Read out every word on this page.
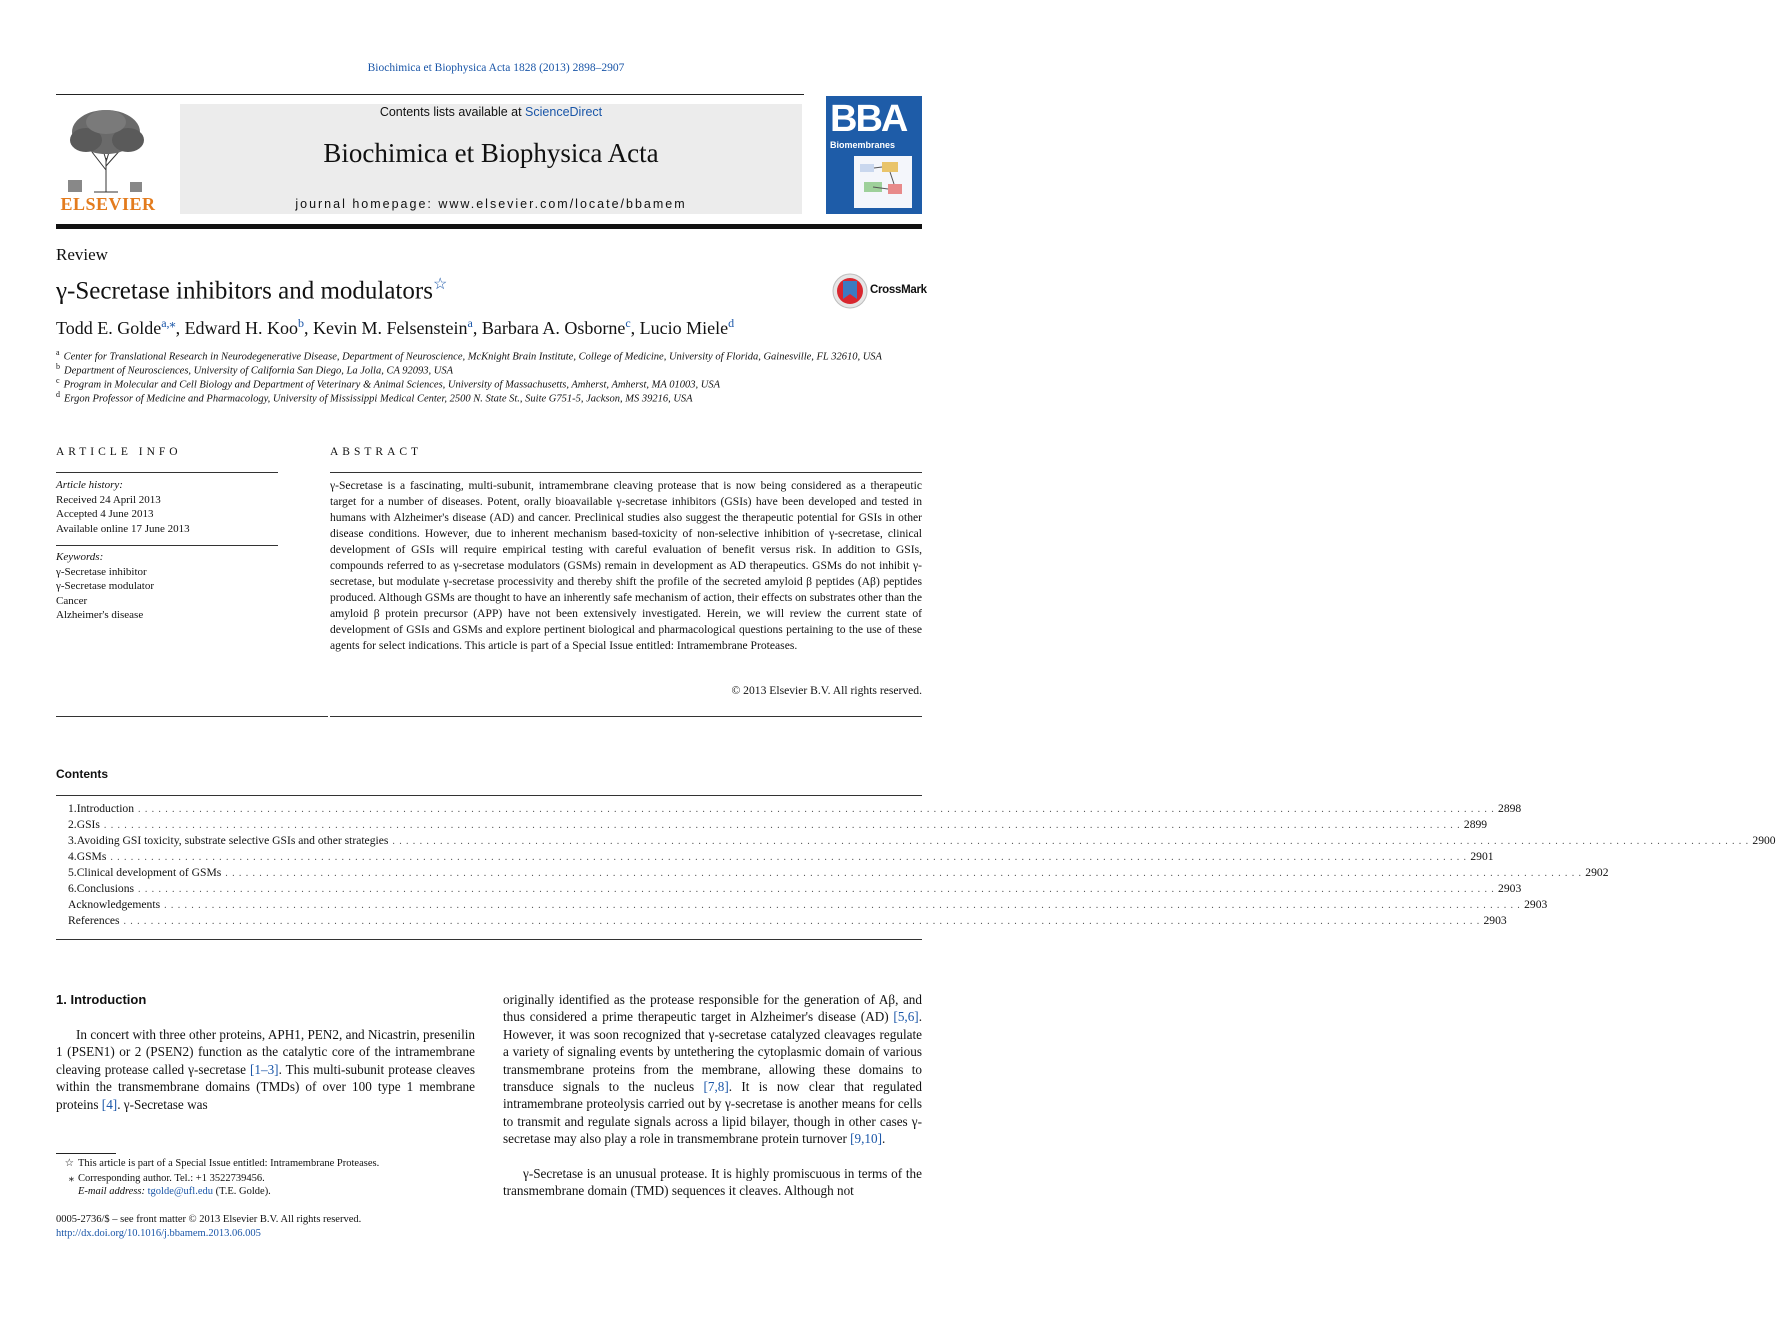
Biochimica et Biophysica Acta 1828 (2013) 2898–2907
ELSEVIER
Contents lists available at ScienceDirect
Biochimica et Biophysica Acta
journal homepage: www.elsevier.com/locate/bbamem
BBA
Biomembranes
Review
γ-Secretase inhibitors and modulators☆	CrossMark
Todd E. Golde$^{a,⁎}$, Edward H. Koo$^b$, Kevin M. Felsenstein$^a$, Barbara A. Osborne$^c$, Lucio Miele$^d$
$^a$ Center for Translational Research in Neurodegenerative Disease, Department of Neuroscience, McKnight Brain Institute, College of Medicine, University of Florida, Gainesville, FL 32610, USA
$^b$ Department of Neurosciences, University of California San Diego, La Jolla, CA 92093, USA
$^c$ Program in Molecular and Cell Biology and Department of Veterinary & Animal Sciences, University of Massachusetts, Amherst, Amherst, MA 01003, USA
$^d$ Ergon Professor of Medicine and Pharmacology, University of Mississippi Medical Center, 2500 N. State St., Suite G751-5, Jackson, MS 39216, USA
ARTICLE INFO	ABSTRACT
Article history:
Received 24 April 2013
Accepted 4 June 2013
Available online 17 June 2013
Keywords:
γ-Secretase inhibitor
γ-Secretase modulator
Cancer
Alzheimer's disease
γ-Secretase is a fascinating, multi-subunit, intramembrane cleaving protease that is now being considered as a therapeutic target for a number of diseases. Potent, orally bioavailable γ-secretase inhibitors (GSIs) have been developed and tested in humans with Alzheimer's disease (AD) and cancer. Preclinical studies also suggest the therapeutic potential for GSIs in other disease conditions. However, due to inherent mechanism based-toxicity of non-selective inhibition of γ-secretase, clinical development of GSIs will require empirical testing with careful evaluation of benefit versus risk. In addition to GSIs, compounds referred to as γ-secretase modulators (GSMs) remain in development as AD therapeutics. GSMs do not inhibit γ-secretase, but modulate γ-secretase processivity and thereby shift the profile of the secreted amyloid β peptides (Aβ) peptides produced. Although GSMs are thought to have an inherently safe mechanism of action, their effects on substrates other than the amyloid β protein precursor (APP) have not been extensively investigated. Herein, we will review the current state of development of GSIs and GSMs and explore pertinent biological and pharmacological questions pertaining to the use of these agents for select indications. This article is part of a Special Issue entitled: Intramembrane Proteases.
© 2013 Elsevier B.V. All rights reserved.
Contents
1. Introduction ........................................................................................................................................................................................................ 2898
2. GSIs ........................................................................................................................................................................................................ 2899
3. Avoiding GSI toxicity, substrate selective GSIs and other strategies ........................................................................................................................................................................................................ 2900
4. GSMs ........................................................................................................................................................................................................ 2901
5. Clinical development of GSMs ........................................................................................................................................................................................................ 2902
6. Conclusions ........................................................................................................................................................................................................ 2903
Acknowledgements ........................................................................................................................................................................................................ 2903
References ........................................................................................................................................................................................................ 2903
1. Introduction
In concert with three other proteins, APH1, PEN2, and Nicastrin, presenilin 1 (PSEN1) or 2 (PSEN2) function as the catalytic core of the intramembrane cleaving protease called γ-secretase [1–3]. This multi-subunit protease cleaves within the transmembrane domains (TMDs) of over 100 type 1 membrane proteins [4]. γ-Secretase was
originally identified as the protease responsible for the generation of Aβ, and thus considered a prime therapeutic target in Alzheimer's disease (AD) [5,6]. However, it was soon recognized that γ-secretase catalyzed cleavages regulate a variety of signaling events by untethering the cytoplasmic domain of various transmembrane proteins from the membrane, allowing these domains to transduce signals to the nucleus [7,8]. It is now clear that regulated intramembrane proteolysis carried out by γ-secretase is another means for cells to transmit and regulate signals across a lipid bilayer, though in other cases γ-secretase may also play a role in transmembrane protein turnover [9,10].
γ-Secretase is an unusual protease. It is highly promiscuous in terms of the transmembrane domain (TMD) sequences it cleaves. Although not
☆ This article is part of a Special Issue entitled: Intramembrane Proteases.
⁎ Corresponding author. Tel.: +1 3522739456.
E-mail address: tgolde@ufl.edu (T.E. Golde).
0005-2736/$ – see front matter © 2013 Elsevier B.V. All rights reserved.
http://dx.doi.org/10.1016/j.bbamem.2013.06.005
